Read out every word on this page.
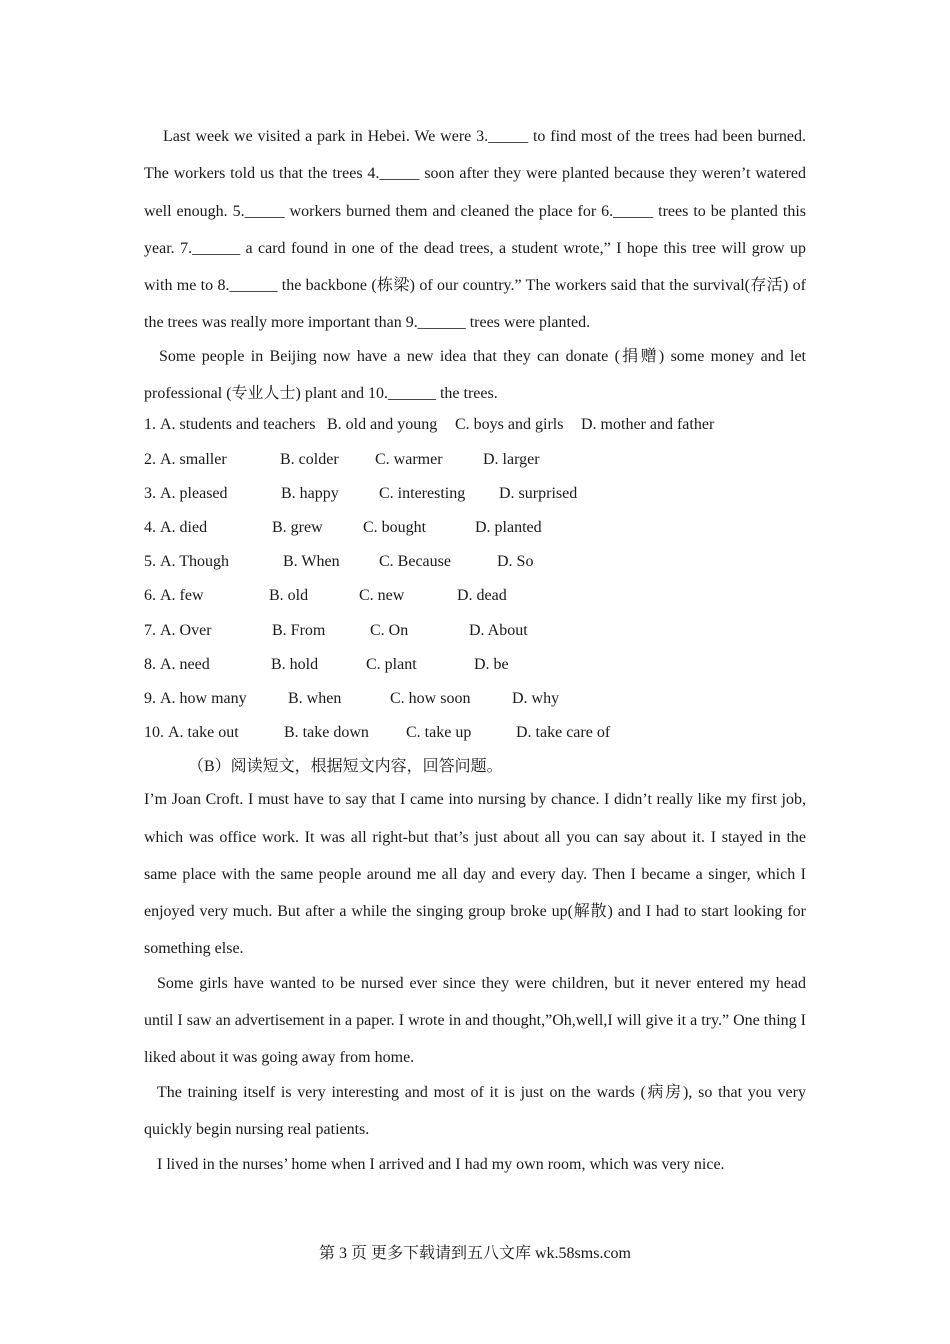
Last week we visited a park in Hebei. We were 3._____ to find most of the trees had been burned. The workers told us that the trees 4._____ soon after they were planted because they weren’t watered well enough. 5._____ workers burned them and cleaned the place for 6._____ trees to be planted this year. 7.______ a card found in one of the dead trees, a student wrote,” I hope this tree will grow up with me to 8.______ the backbone (栋梁) of our country.” The workers said that the survival(存活) of the trees was really more important than 9.______ trees were planted.

Some people in Beijing now have a new idea that they can donate (捐赠) some money and let professional (专业人士) plant and 10.______ the trees.

1. A. students and teachers B. old and young C. boys and girls D. mother and father
2. A. smaller	B. colder C. warmer	D. larger
3. A. pleased	B. happy	C. interesting D. surprised
4. A. died	B. grew	C. bought	D. planted
5. A. Though	B. When C. Because	D. So
6. A. few	B. old	C. new	D. dead
7. A. Over	B. From	C. On	D. About
8. A. need	B. hold	C. plant	D. be
9. A. how many	B. when	C. how soon	D. why
10. A. take out	B. take down C. take up	D. take care of
（B）阅读短文，根据短文内容，回答问题。

I’m Joan Croft. I must have to say that I came into nursing by chance. I didn’t really like my first job, which was office work. It was all right-but that’s just about all you can say about it. I stayed in the same place with the same people around me all day and every day. Then I became a singer, which I enjoyed very much. But after a while the singing group broke up(解散) and I had to start looking for something else.

Some girls have wanted to be nursed ever since they were children, but it never entered my head until I saw an advertisement in a paper. I wrote in and thought,”Oh,well,I will give it a try.” One thing I liked about it was going away from home.

The training itself is very interesting and most of it is just on the wards (病房), so that you very quickly begin nursing real patients.

I lived in the nurses’ home when I arrived and I had my own room, which was very nice.

第 3 页 更多下载请到五八文库 wk.58sms.com
